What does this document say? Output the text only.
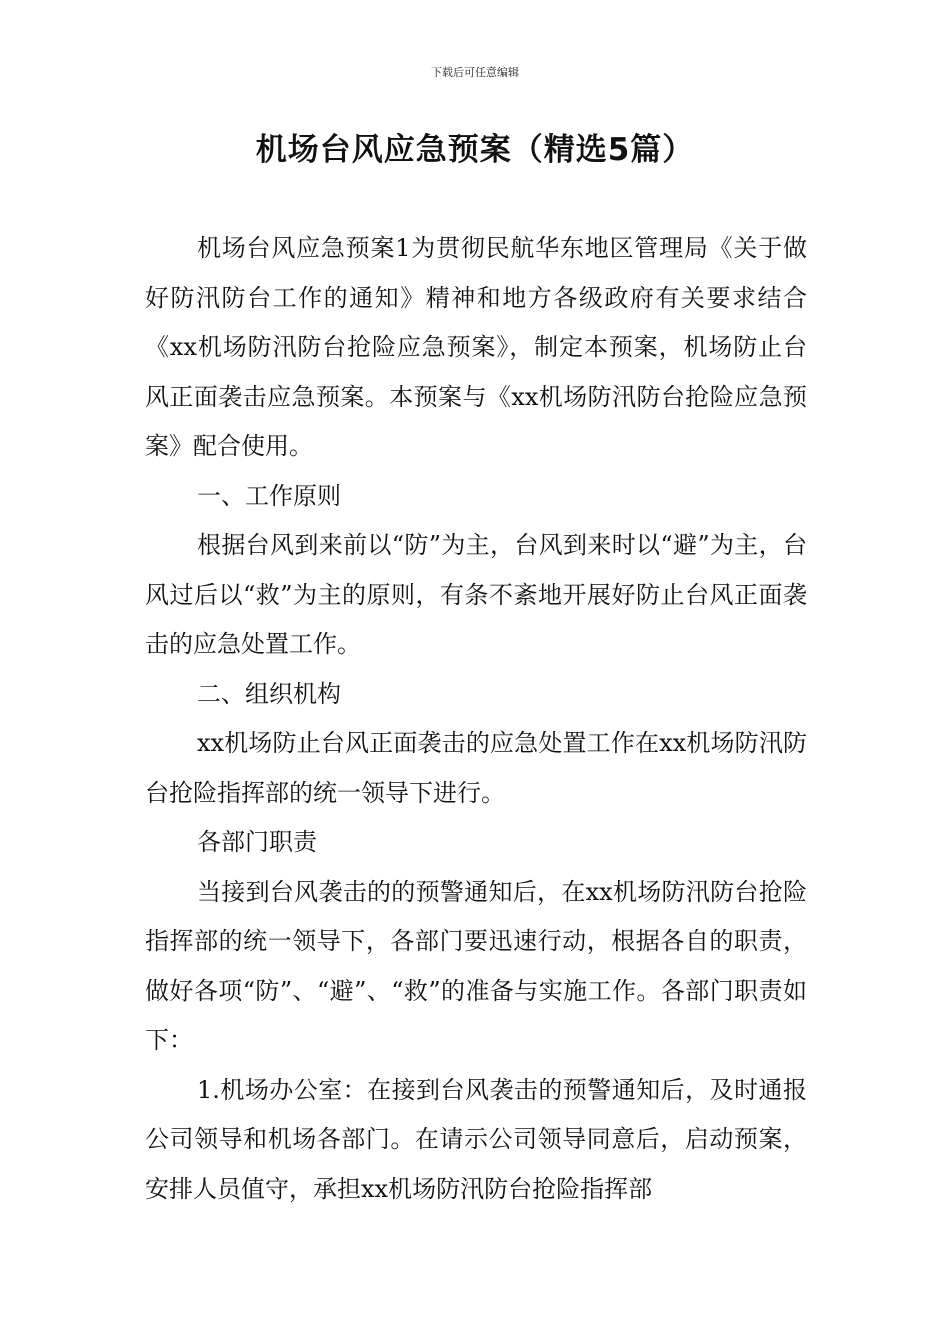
下载后可任意编辑
机场台风应急预案（精选5篇）

机场台风应急预案1为贯彻民航华东地区管理局《关于做好防汛防台工作的通知》精神和地方各级政府有关要求结合《xx机场防汛防台抢险应急预案》，制定本预案，机场防止台风正面袭击应急预案。本预案与《xx机场防汛防台抢险应急预案》配合使用。

一、工作原则

根据台风到来前以“防”为主，台风到来时以“避”为主，台风过后以“救”为主的原则，有条不紊地开展好防止台风正面袭击的应急处置工作。

二、组织机构

xx机场防止台风正面袭击的应急处置工作在xx机场防汛防台抢险指挥部的统一领导下进行。

各部门职责

当接到台风袭击的的预警通知后，在xx机场防汛防台抢险指挥部的统一领导下，各部门要迅速行动，根据各自的职责，做好各项“防”、“避”、“救”的准备与实施工作。各部门职责如下：

1.机场办公室：在接到台风袭击的预警通知后，及时通报公司领导和机场各部门。在请示公司领导同意后，启动预案，安排人员值守，承担xx机场防汛防台抢险指挥部
